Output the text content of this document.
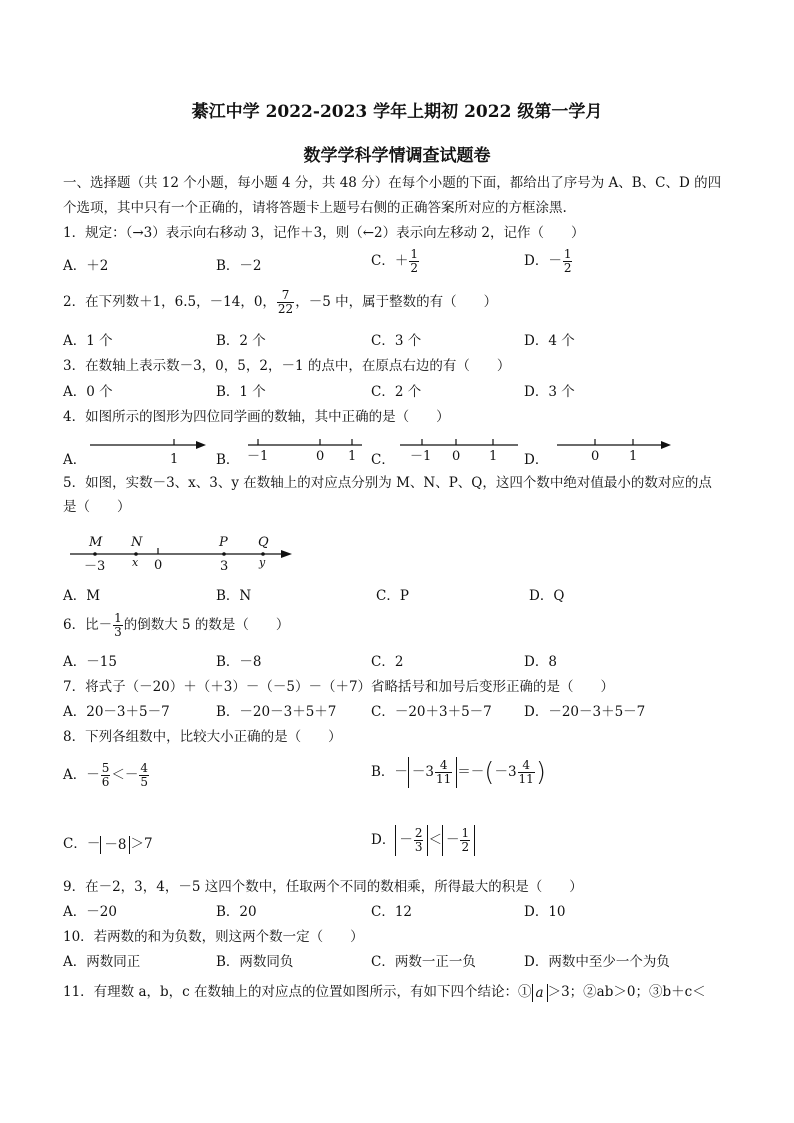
綦江中学 2022-2023 学年上期初 2022 级第一学月
数学学科学情调查试题卷
一、选择题（共 12 个小题，每小题 4 分，共 48 分）在每个小题的下面，都给出了序号为 A、B、C、D 的四
个选项，其中只有一个正确的，请将答题卡上题号右侧的正确答案所对应的方框涂黑.
1．规定：（→3）表示向右移动 3，记作＋3，则（←2）表示向左移动 2，记作（　　）
A．＋2	B．－2	C．＋ $\frac{1}{2}$	D．－ $\frac{1}{2}$
2．在下列数＋1，6.5，－14，0， $\frac{7}{22}$ ，－5 中，属于整数的有（　　）
A．1 个	B．2 个	C．3 个	D．4 个
3．在数轴上表示数－3，0，5，2，－1 的点中，在原点右边的有（　　）
A．0 个	B．1 个	C．2 个	D．3 个
4．如图所示的图形为四位同学画的数轴，其中正确的是（　　）
A．	B．	C．	D．
1	－1	0 1	－1 0 1	0 1
5．如图，实数－3、x、3、y 在数轴上的对应点分别为 M、N、P、Q，这四个数中绝对值最小的数对应的点
是（　　）
M N	P Q
－3 x 0	3	y
A．M	B．N	C．P	D．Q
6．比－ $\frac{1}{3}$ 的倒数大 5 的数是（　　）
A．－15	B．－8	C．2	D．8
7．将式子（－20）＋（＋3）－（－5）－（＋7）省略括号和加号后变形正确的是（　　）
A．20－3＋5－7	B．－20－3＋5＋7	C．－20＋3＋5－7 D．－20－3＋5－7
8．下列各组数中，比较大小正确的是（　　）
A．－ $\frac{5}{6} <- \frac{4}{5}$	B．－ $-3 \frac{4}{11} =-(-3 \frac{4}{11}$ )
C．－ －8 ＞7	D． － $\frac{2}{3}$ ＜ － $\frac{1}{2}$
9．在－2，3，4，－5 这四个数中，任取两个不同的数相乘，所得最大的积是（　　）
A．－20	B．20	C．12	D．10
10．若两数的和为负数，则这两个数一定（　　）
A．两数同正	B．两数同负	C．两数一正一负	D．两数中至少一个为负
11．有理数 a，b，c 在数轴上的对应点的位置如图所示，有如下四个结论：① a ＞3；②ab＞0；③b＋c＜
